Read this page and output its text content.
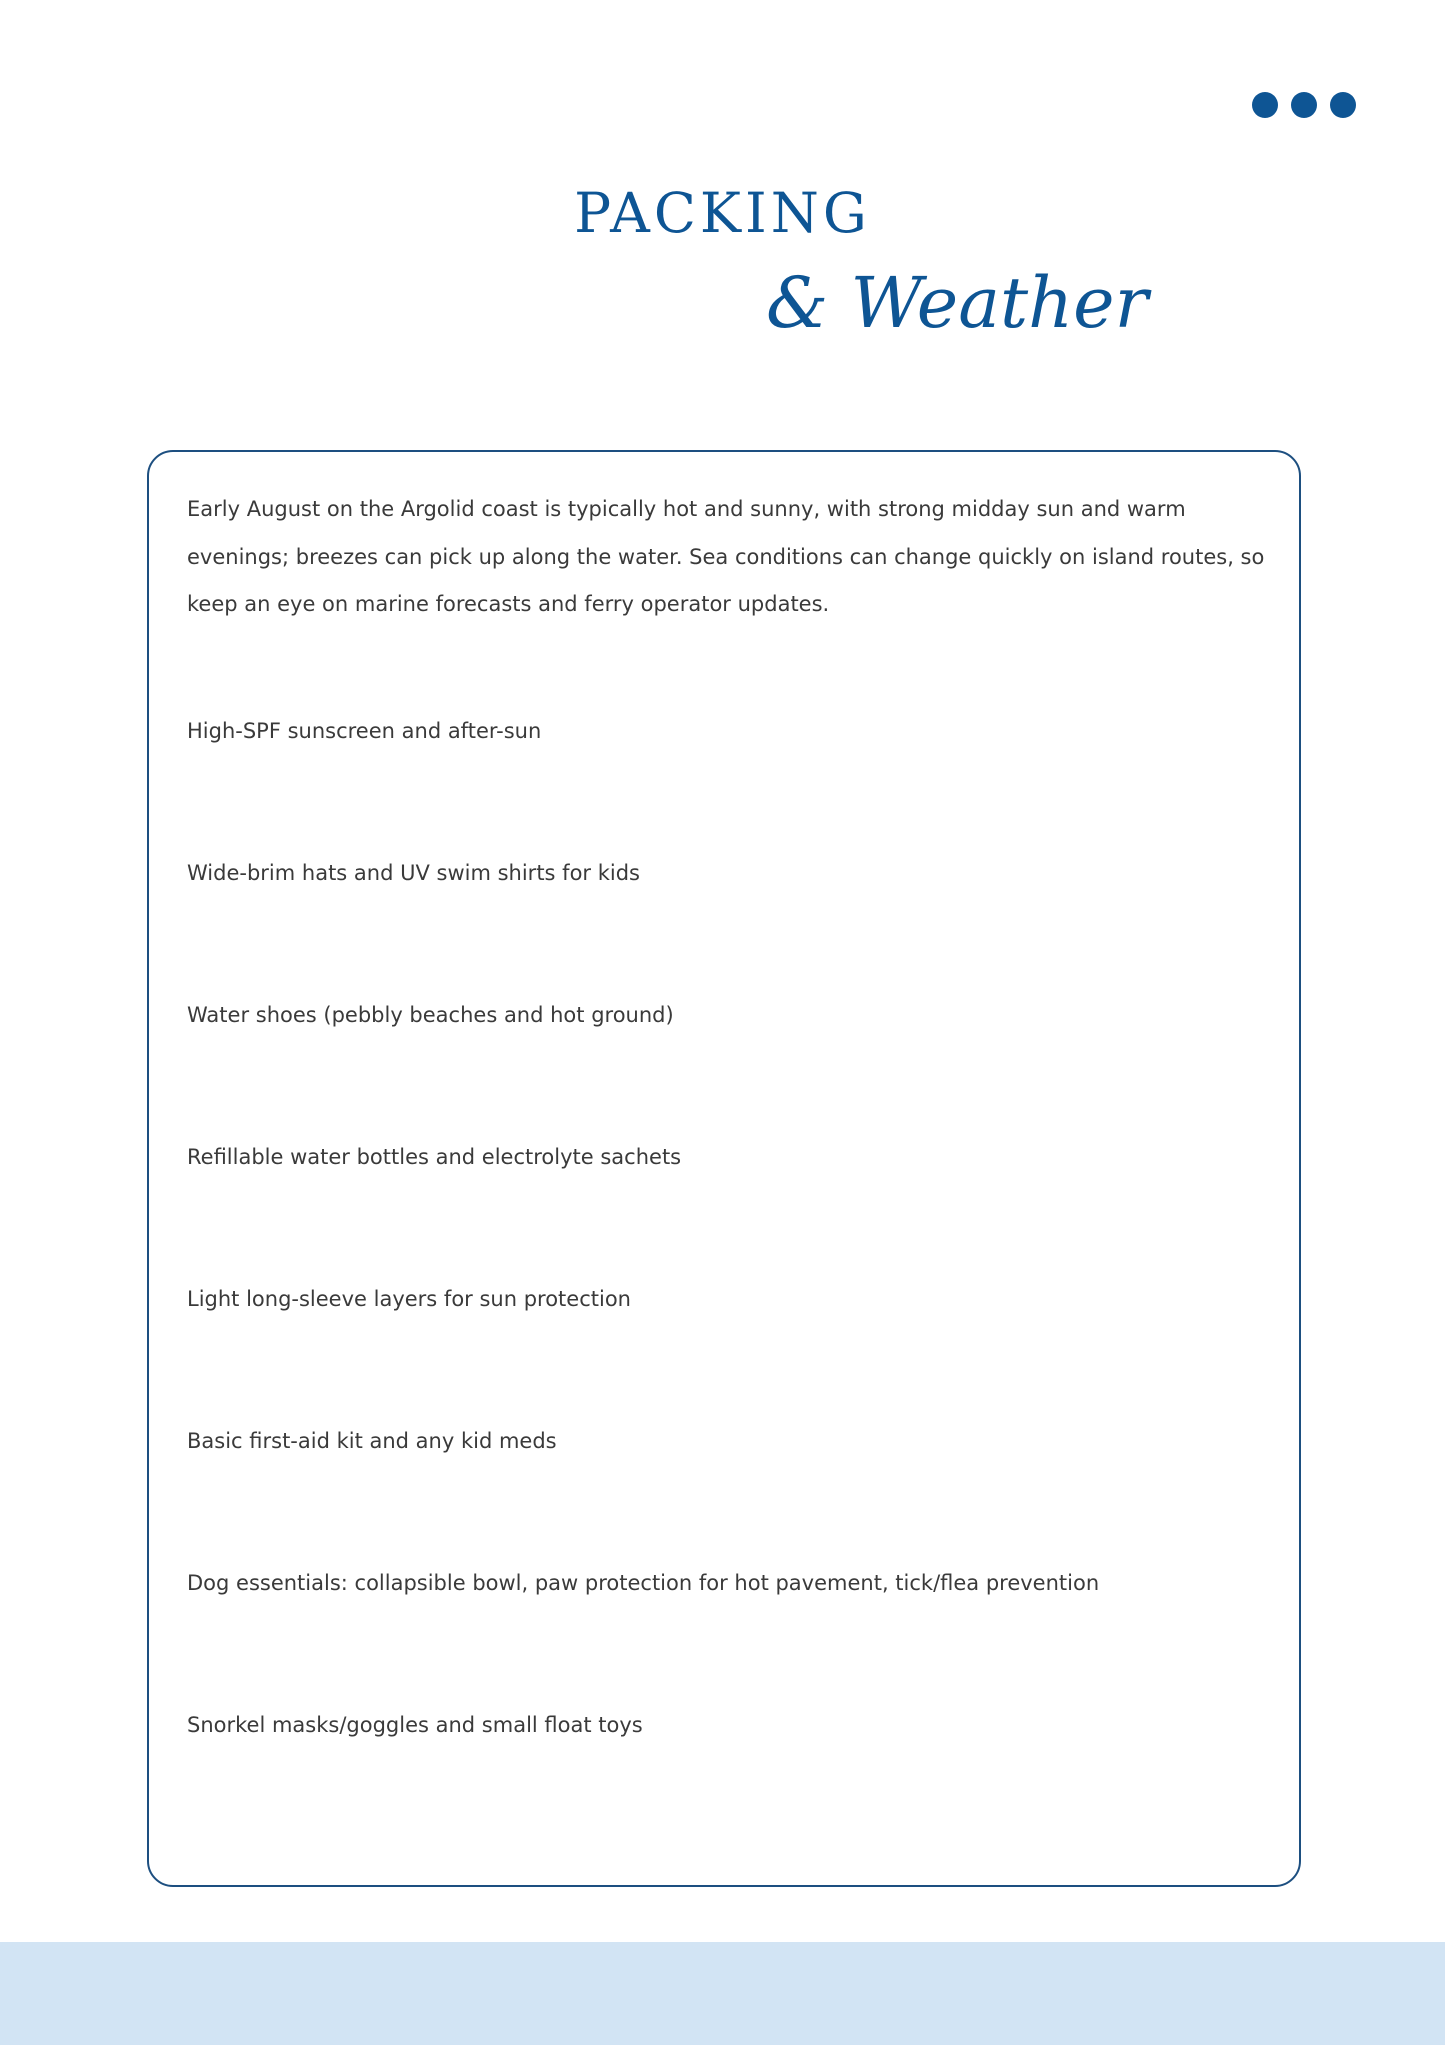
PACKING
& Weather

Early August on the Argolid coast is typically hot and sunny, with strong midday sun and warm evenings; breezes can pick up along the water. Sea conditions can change quickly on island routes, so keep an eye on marine forecasts and ferry operator updates.

High-SPF sunscreen and after-sun
Wide-brim hats and UV swim shirts for kids
Water shoes (pebbly beaches and hot ground)
Refillable water bottles and electrolyte sachets
Light long-sleeve layers for sun protection
Basic first-aid kit and any kid meds
Dog essentials: collapsible bowl, paw protection for hot pavement, tick/flea prevention
Snorkel masks/goggles and small float toys
